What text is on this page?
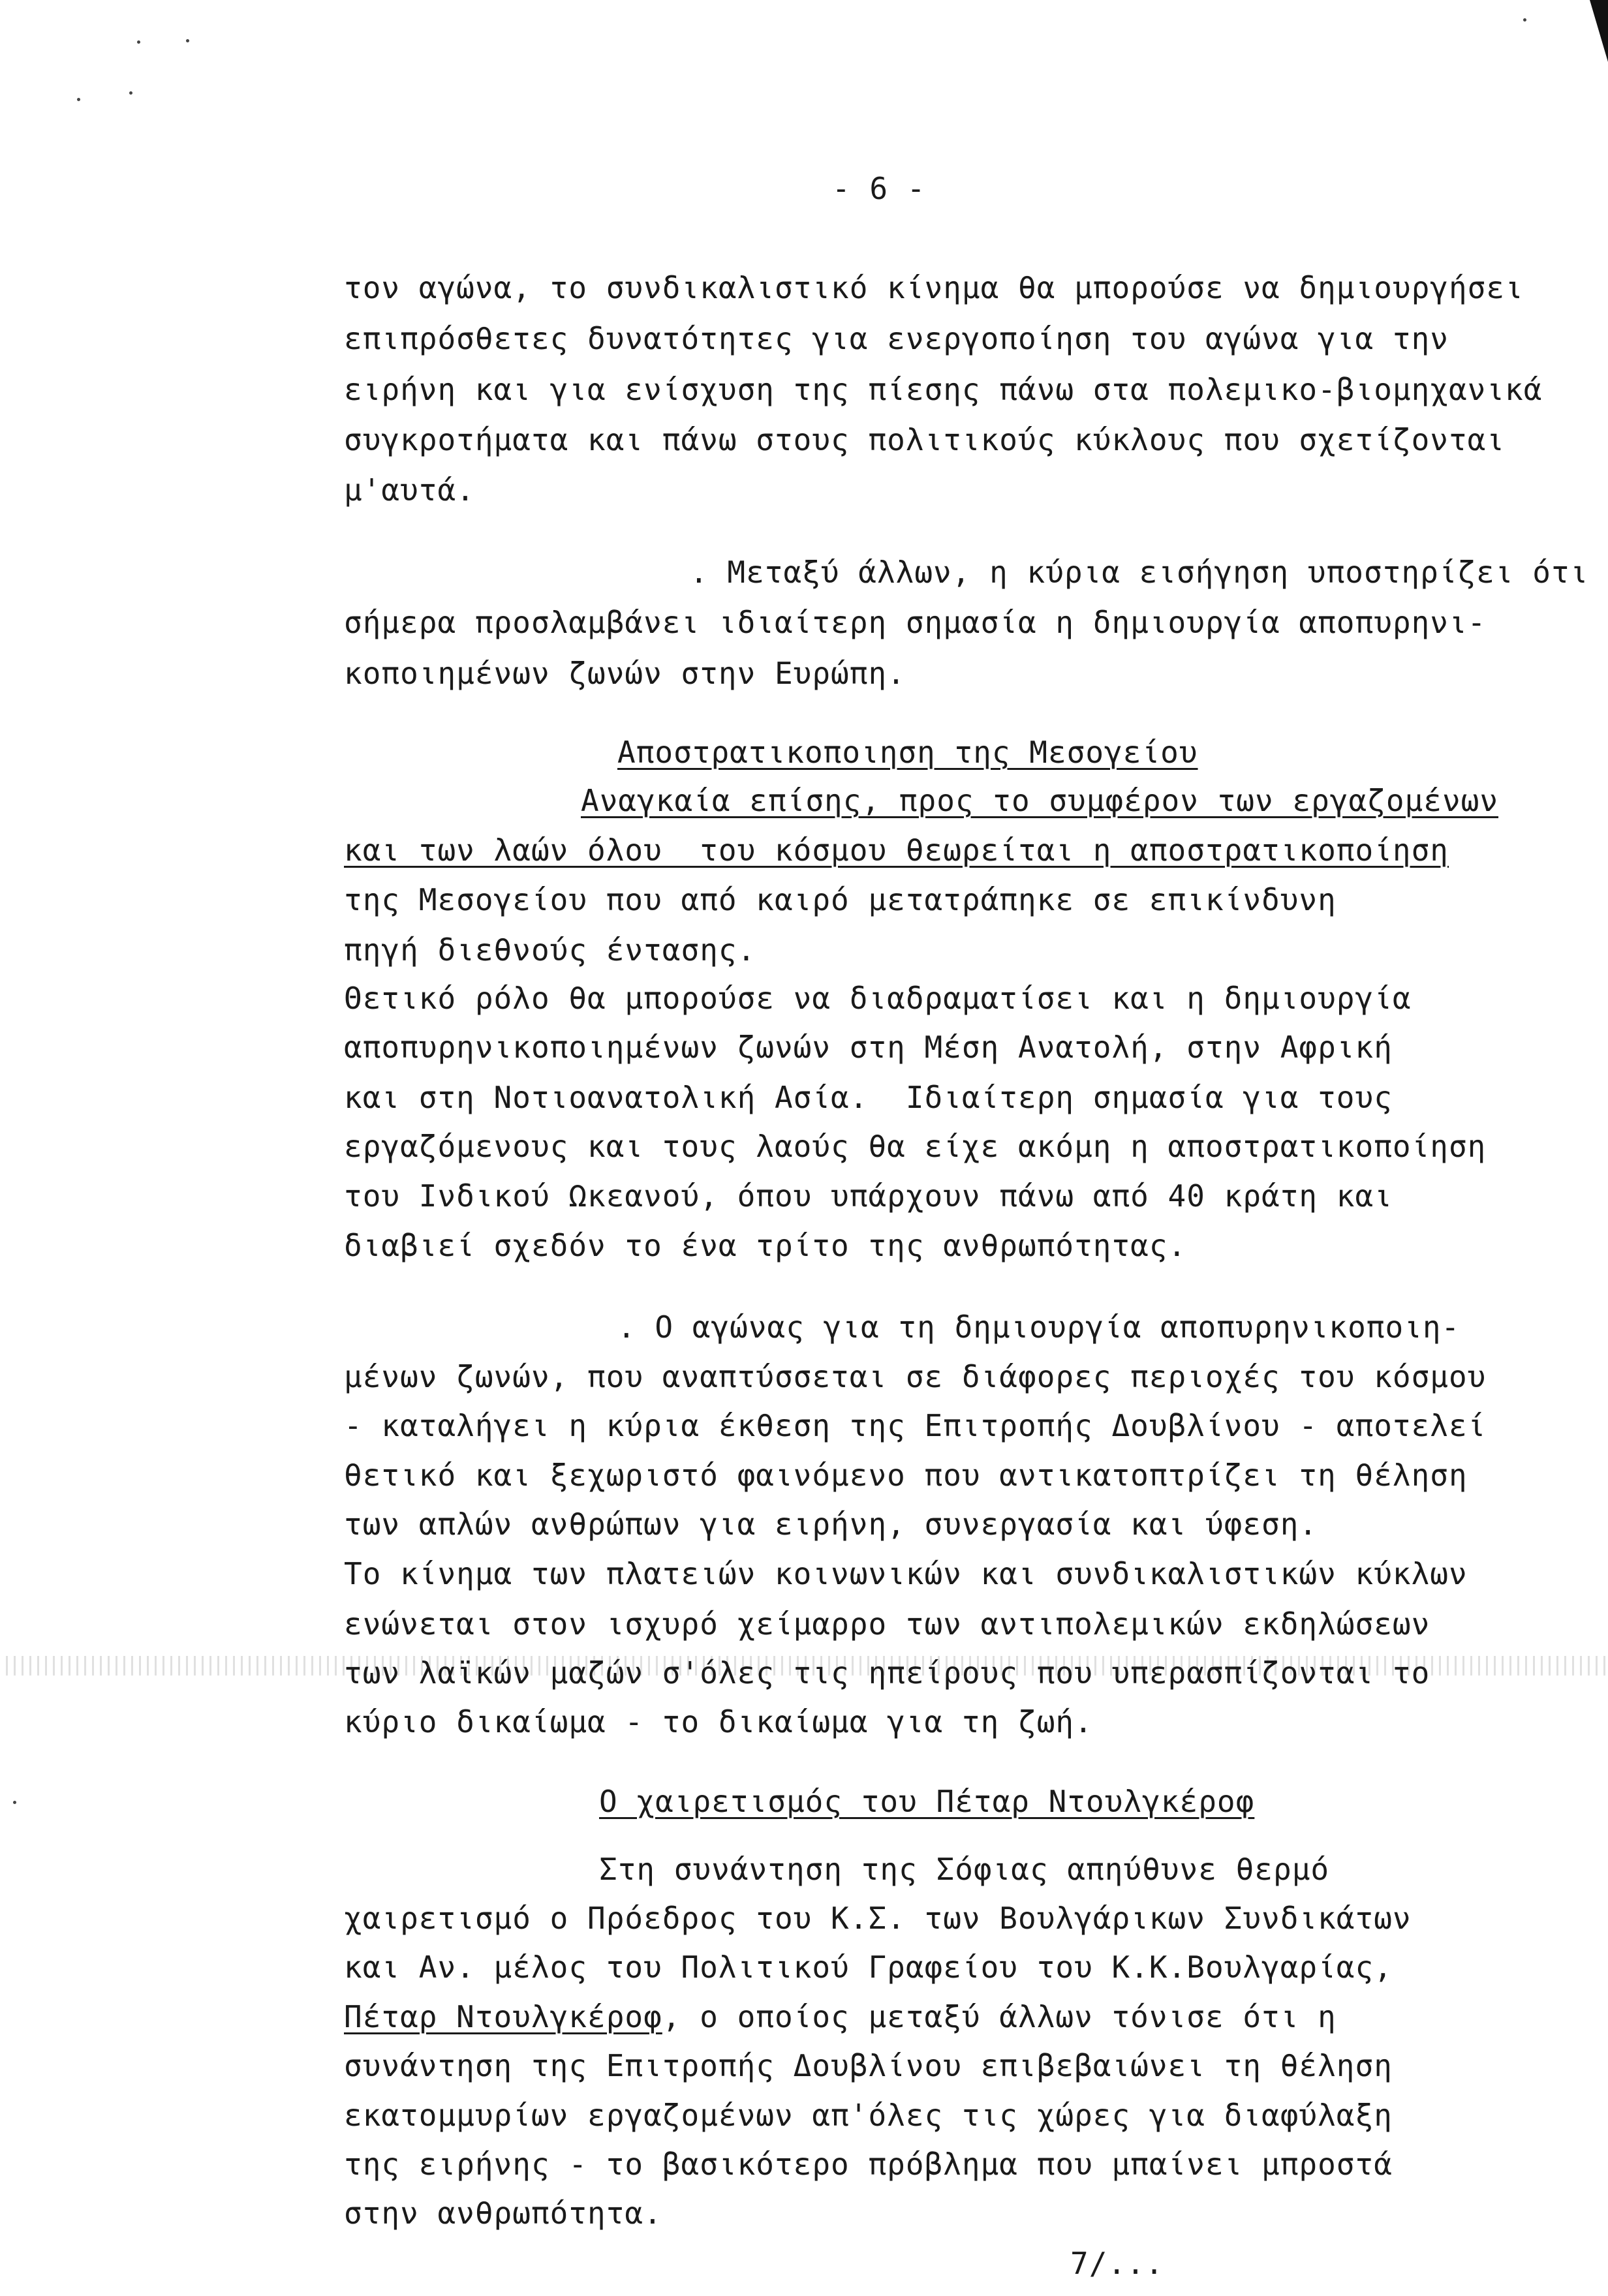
- 6 -
τον αγώνα, το συνδικαλιστικό κίνημα θα μπορούσε να δημιουργήσει
επιπρόσθετες δυνατότητες για ενεργοποίηση του αγώνα για την
ειρήνη και για ενίσχυση της πίεσης πάνω στα πολεμικο-βιομηχανικά
συγκροτήματα και πάνω στους πολιτικούς κύκλους που σχετίζονται
μ'αυτά.
. Μεταξύ άλλων, η κύρια εισήγηση υποστηρίζει ότι
σήμερα προσλαμβάνει ιδιαίτερη σημασία η δημιουργία αποπυρηνι-
κοποιημένων ζωνών στην Ευρώπη.
Αποστρατικοποιηση της Μεσογείου
Αναγκαία επίσης, προς το συμφέρον των εργαζομένων
και των λαών όλου  του κόσμου θεωρείται η αποστρατικοποίηση
της Μεσογείου που από καιρό μετατράπηκε σε επικίνδυνη
πηγή διεθνούς έντασης.
Θετικό ρόλο θα μπορούσε να διαδραματίσει και η δημιουργία
αποπυρηνικοποιημένων ζωνών στη Μέση Ανατολή, στην Αφρική
και στη Νοτιοανατολική Ασία.  Ιδιαίτερη σημασία για τους
εργαζόμενους και τους λαούς θα είχε ακόμη η αποστρατικοποίηση
του Ινδικού Ωκεανού, όπου υπάρχουν πάνω από 40 κράτη και
διαβιεί σχεδόν το ένα τρίτο της ανθρωπότητας.
. Ο αγώνας για τη δημιουργία αποπυρηνικοποιη-
μένων ζωνών, που αναπτύσσεται σε διάφορες περιοχές του κόσμου
- καταλήγει η κύρια έκθεση της Επιτροπής Δουβλίνου - αποτελεί
θετικό και ξεχωριστό φαινόμενο που αντικατοπτρίζει τη θέληση
των απλών ανθρώπων για ειρήνη, συνεργασία και ύφεση.
Το κίνημα των πλατειών κοινωνικών και συνδικαλιστικών κύκλων
ενώνεται στον ισχυρό χείμαρρο των αντιπολεμικών εκδηλώσεων
των λαϊκών μαζών σ'όλες τις ηπείρους που υπερασπίζονται το
κύριο δικαίωμα - το δικαίωμα για τη ζωή.
Ο χαιρετισμός του Πέταρ Ντουλγκέροφ
Στη συνάντηση της Σόφιας απηύθυνε θερμό
χαιρετισμό ο Πρόεδρος του Κ.Σ. των Βουλγάρικων Συνδικάτων
και Αν. μέλος του Πολιτικού Γραφείου του Κ.Κ.Βουλγαρίας,
Πέταρ Ντουλγκέροφ, ο οποίος μεταξύ άλλων τόνισε ότι η
συνάντηση της Επιτροπής Δουβλίνου επιβεβαιώνει τη θέληση
εκατομμυρίων εργαζομένων απ'όλες τις χώρες για διαφύλαξη
της ειρήνης - το βασικότερο πρόβλημα που μπαίνει μπροστά
στην ανθρωπότητα.
7/...
